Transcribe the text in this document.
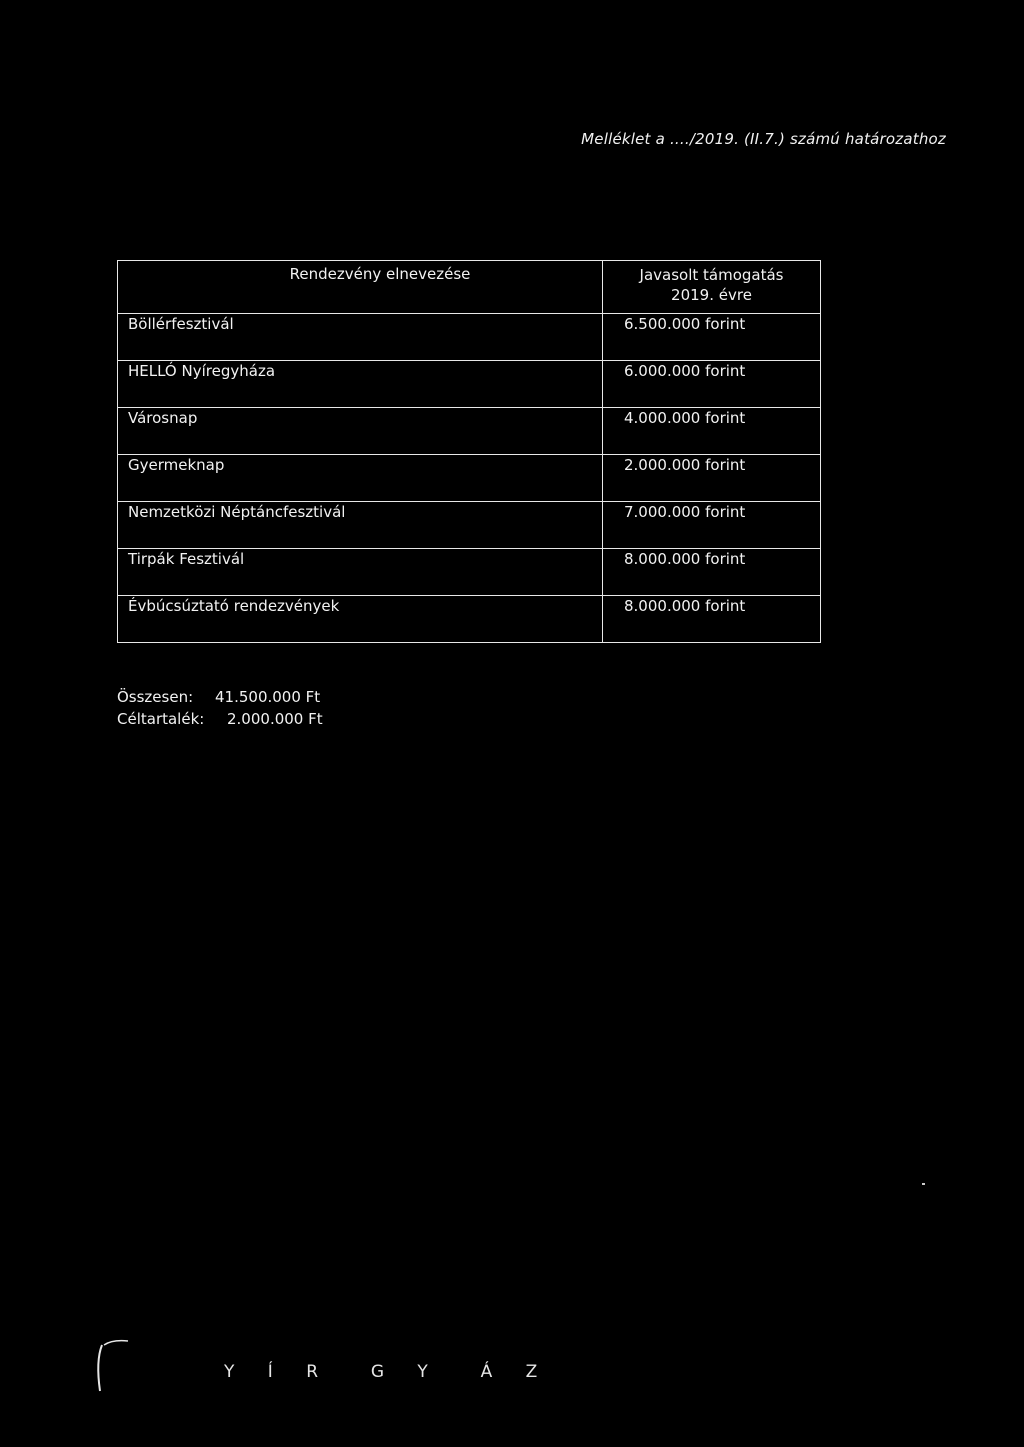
Melléklet a ..../2019. (II.7.) számú határozathoz
Rendezvény elnevezése	Javasolt támogatás
2019. évre

Böllérfesztivál	6.500.000 forint
HELLÓ Nyíregyháza	6.000.000 forint
Városnap	4.000.000 forint
Gyermeknap	2.000.000 forint
Nemzetközi Néptáncfesztivál	7.000.000 forint
Tirpák Fesztivál	8.000.000 forint
Évbúcsúztató rendezvények	8.000.000 forint
Összesen:	41.500.000 Ft
Céltartalék:	2.000.000 Ft
Y Í R  G Y  Á Z
